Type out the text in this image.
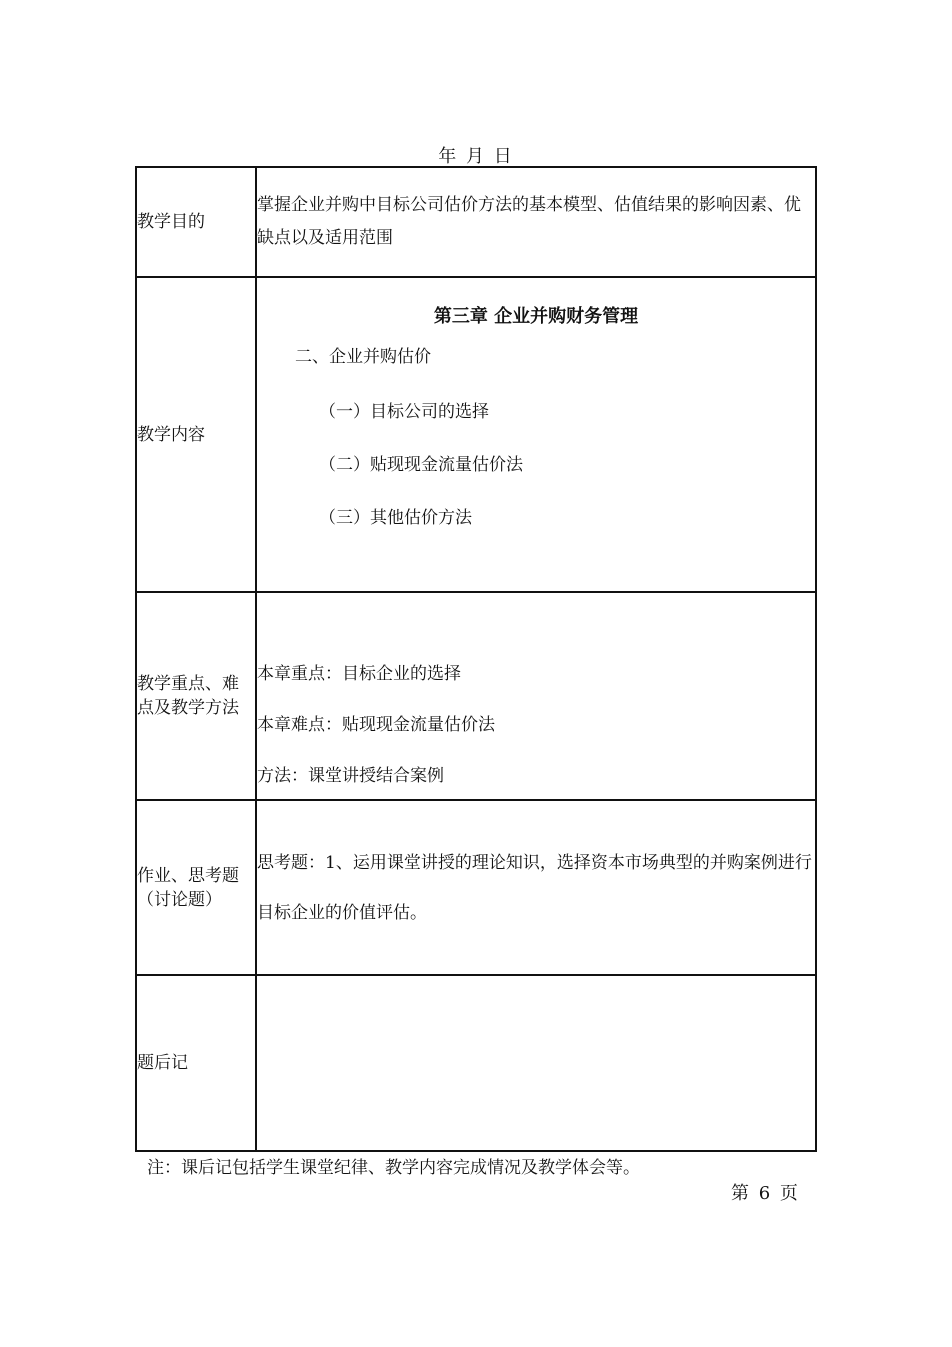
年 月 日
教学目的	掌握企业并购中目标公司估价方法的基本模型、估值结果的影响因素、优缺点以及适用范围
教学内容	第三章 企业并购财务管理
二、企业并购估价
（一）目标公司的选择
（二）贴现现金流量估价法
（三）其他估价方法

教学重点、难点及教学方法	本章重点：目标企业的选择
本章难点：贴现现金流量估价法
方法：课堂讲授结合案例

作业、思考题（讨论题）	思考题：1、运用课堂讲授的理论知识，选择资本市场典型的并购案例进行目标企业的价值评估。
题后记	
注：课后记包括学生课堂纪律、教学内容完成情况及教学体会等。
第 6 页
